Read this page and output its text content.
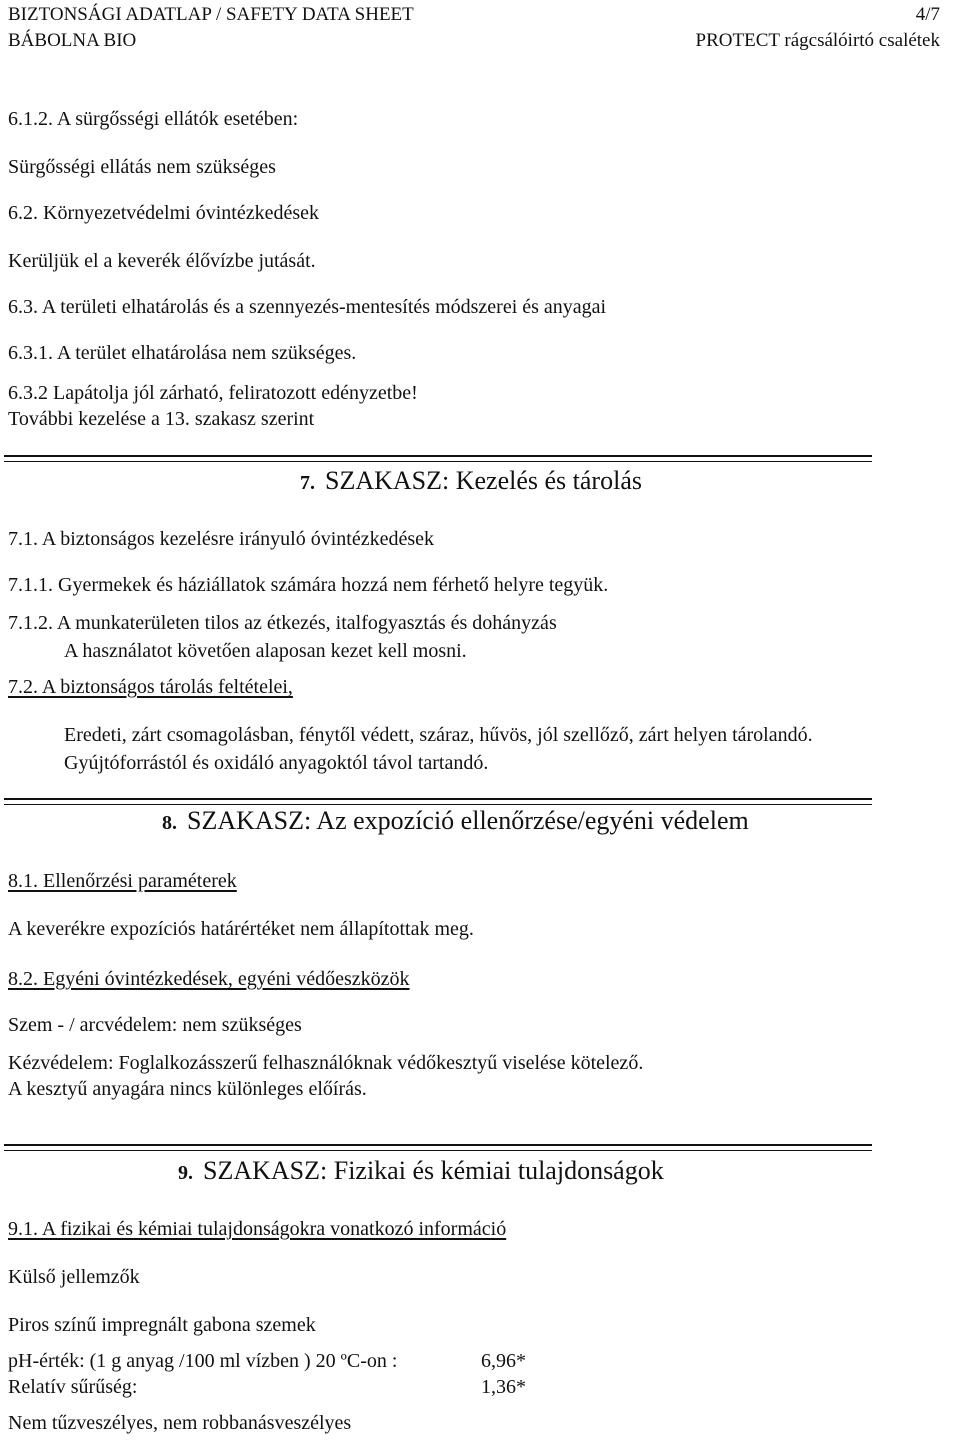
BIZTONSÁGI ADATLAP / SAFETY DATA SHEET
BÁBOLNA BIO
4/7
PROTECT rágcsálóirtó csalétek
6.1.2. A sürgősségi ellátók esetében:
Sürgősségi ellátás nem szükséges
6.2. Környezetvédelmi óvintézkedések
Kerüljük el a keverék élővízbe jutását.
6.3. A területi elhatárolás és a szennyezés-mentesítés módszerei és anyagai
6.3.1. A terület elhatárolása nem szükséges.
6.3.2 Lapátolja jól zárható, feliratozott edényzetbe!
További kezelése a 13. szakasz szerint
7. SZAKASZ: Kezelés és tárolás
7.1. A biztonságos kezelésre irányuló óvintézkedések
7.1.1. Gyermekek és háziállatok számára hozzá nem férhető helyre tegyük.
7.1.2. A munkaterületen tilos az étkezés, italfogyasztás és dohányzás
A használatot követően alaposan kezet kell mosni.
7.2. A biztonságos tárolás feltételei,
Eredeti, zárt csomagolásban, fénytől védett, száraz, hűvös, jól szellőző, zárt helyen tárolandó.
Gyújtóforrástól és oxidáló anyagoktól távol tartandó.
8. SZAKASZ: Az expozíció ellenőrzése/egyéni védelem
8.1. Ellenőrzési paraméterek
A keverékre expozíciós határértéket nem állapítottak meg.
8.2. Egyéni óvintézkedések, egyéni védőeszközök
Szem - / arcvédelem: nem szükséges
Kézvédelem: Foglalkozásszerű felhasználóknak védőkesztyű viselése kötelező.
A kesztyű anyagára nincs különleges előírás.
9. SZAKASZ: Fizikai és kémiai tulajdonságok
9.1. A fizikai és kémiai tulajdonságokra vonatkozó információ
Külső jellemzők
Piros színű impregnált gabona szemek
pH-érték: (1 g anyag /100 ml vízben ) 20 ºC-on :	6,96*
Relatív sűrűség:	1,36*
Nem tűzveszélyes, nem robbanásveszélyes
